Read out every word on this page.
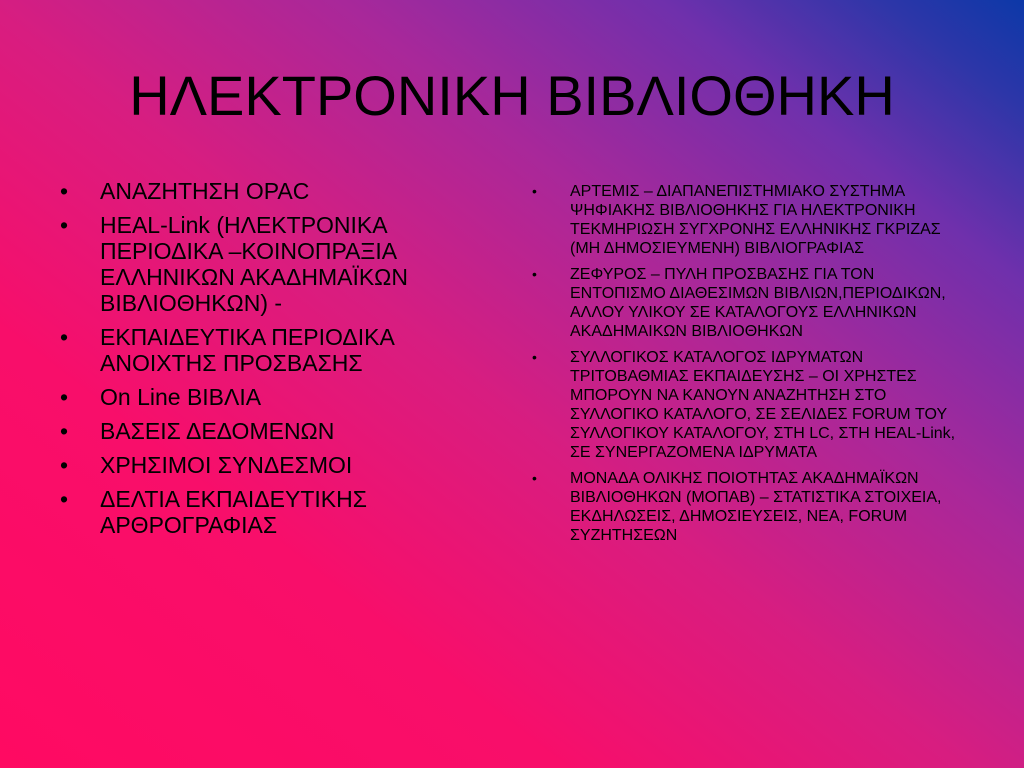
ΗΛΕΚΤΡΟΝΙΚΗ ΒΙΒΛΙΟΘΗΚΗ
• ΑΝΑΖΗΤΗΣΗ OPAC
• HEAL-Link (ΗΛΕΚΤΡΟΝΙΚΑ ΠΕΡΙΟΔΙΚΑ –ΚΟΙΝΟΠΡΑΞΙΑ ΕΛΛΗΝΙΚΩΝ ΑΚΑΔΗΜΑΪΚΩΝ ΒΙΒΛΙΟΘΗΚΩΝ) -
• ΕΚΠΑΙΔΕΥΤΙΚΑ ΠΕΡΙΟΔΙΚΑ ΑΝΟΙΧΤΗΣ ΠΡΟΣΒΑΣΗΣ
• On Line ΒΙΒΛΙΑ
• ΒΑΣΕΙΣ ΔΕΔΟΜΕΝΩΝ
• ΧΡΗΣΙΜΟΙ ΣΥΝΔΕΣΜΟΙ
• ΔΕΛΤΙΑ ΕΚΠΑΙΔΕΥΤΙΚΗΣ ΑΡΘΡΟΓΡΑΦΙΑΣ
• ΑΡΤΕΜΙΣ – ΔΙΑΠΑΝΕΠΙΣΤΗΜΙΑΚΟ ΣΥΣΤΗΜΑ ΨΗΦΙΑΚΗΣ ΒΙΒΛΙΟΘΗΚΗΣ ΓΙΑ ΗΛΕΚΤΡΟΝΙΚΗ ΤΕΚΜΗΡΙΩΣΗ ΣΥΓΧΡΟΝΗΣ ΕΛΛΗΝΙΚΗΣ ΓΚΡΙΖΑΣ (ΜΗ ΔΗΜΟΣΙΕΥΜΕΝΗ) ΒΙΒΛΙΟΓΡΑΦΙΑΣ
• ΖΕΦΥΡΟΣ – ΠΥΛΗ ΠΡΟΣΒΑΣΗΣ ΓΙΑ ΤΟΝ ΕΝΤΟΠΙΣΜΟ ΔΙΑΘΕΣΙΜΩΝ ΒΙΒΛΙΩΝ,ΠΕΡΙΟΔΙΚΩΝ, ΑΛΛΟΥ ΥΛΙΚΟΥ ΣΕ ΚΑΤΑΛΟΓΟΥΣ ΕΛΛΗΝΙΚΩΝ ΑΚΑΔΗΜΑΙΚΩΝ ΒΙΒΛΙΟΘΗΚΩΝ
• ΣΥΛΛΟΓΙΚΟΣ ΚΑΤΑΛΟΓΟΣ ΙΔΡΥΜΑΤΩΝ ΤΡΙΤΟΒΑΘΜΙΑΣ ΕΚΠΑΙΔΕΥΣΗΣ – ΟΙ ΧΡΗΣΤΕΣ ΜΠΟΡΟΥΝ ΝΑ ΚΑΝΟΥΝ ΑΝΑΖΗΤΗΣΗ ΣΤΟ ΣΥΛΛΟΓΙΚΟ ΚΑΤΑΛΟΓΟ, ΣΕ ΣΕΛΙΔΕΣ FORUM ΤΟΥ ΣΥΛΛΟΓΙΚΟΥ ΚΑΤΑΛΟΓΟΥ, ΣΤΗ LC, ΣΤΗ HEAL-Link, ΣΕ ΣΥΝΕΡΓΑΖΟΜΕΝΑ ΙΔΡΥΜΑΤΑ
• ΜΟΝΑΔΑ ΟΛΙΚΗΣ ΠΟΙΟΤΗΤΑΣ ΑΚΑΔΗΜΑΪΚΩΝ ΒΙΒΛΙΟΘΗΚΩΝ (ΜΟΠΑΒ) – ΣΤΑΤΙΣΤΙΚΑ ΣΤΟΙΧΕΙΑ, ΕΚΔΗΛΩΣΕΙΣ, ΔΗΜΟΣΙΕΥΣΕΙΣ, ΝΕΑ, FORUM ΣΥΖΗΤΗΣΕΩΝ
